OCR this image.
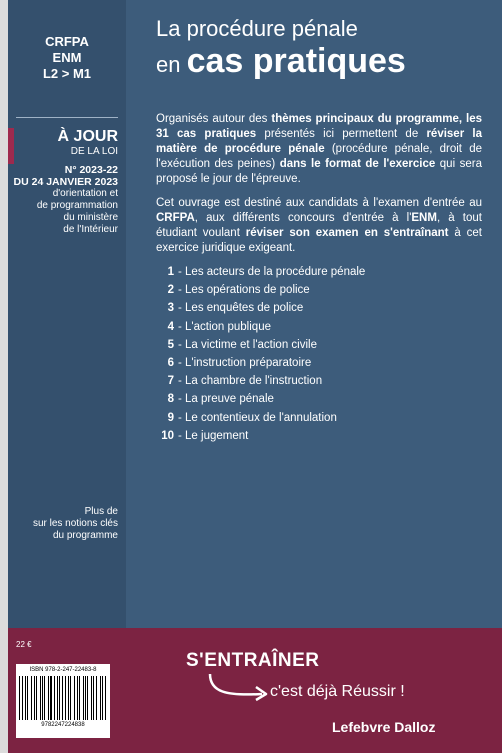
CRFPA
ENM
L2 > M1
À JOUR
DE LA LOI
N° 2023-22
DU 24 JANVIER 2023
d'orientation et
de programmation
du ministère
de l'Intérieur
Plus de
sur les notions clés
du programme
La procédure pénale
en cas pratiques

Organisés autour des thèmes principaux du programme, les 31 cas pratiques présentés ici permettent de réviser la matière de procédure pénale (procédure pénale, droit de l'exécution des peines) dans le format de l'exercice qui sera proposé le jour de l'épreuve.

Cet ouvrage est destiné aux candidats à l'examen d'entrée au CRFPA, aux différents concours d'entrée à l'ENM, à tout étudiant voulant réviser son examen en s'entraînant à cet exercice juridique exigeant.

1 - Les acteurs de la procédure pénale
2 - Les opérations de police
3 - Les enquêtes de police
4 - L'action publique
5 - La victime et l'action civile
6 - L'instruction préparatoire
7 - La chambre de l'instruction
8 - La preuve pénale
9 - Le contentieux de l'annulation
10 - Le jugement
22 €
ISBN 978-2-247-22483-8
9782247224838
S'ENTRAÎNER
c'est déjà Réussir !
Lefebvre Dalloz
